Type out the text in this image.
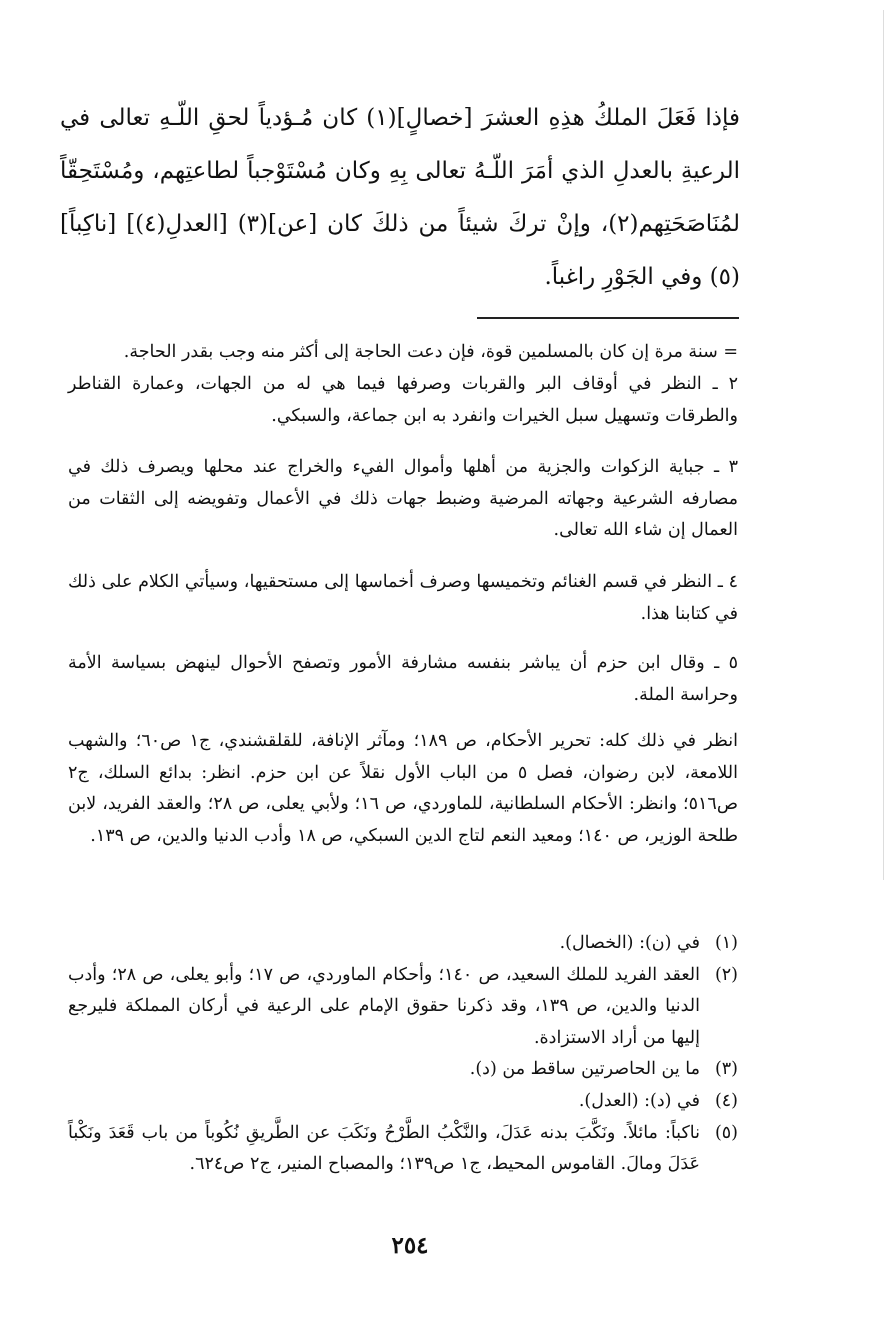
فإذا فَعَلَ الملكُ هذِهِ العشرَ [خصالٍ](١) كان مُـؤدياً لحقِ اللّـهِ تعالى في الرعيةِ بالعدلِ الذي أمَرَ اللّـهُ تعالى بِهِ وكان مُسْتَوْجباً لطاعتِهم، ومُسْتَحِقّاً لمُنَاصَحَتِهم(٢)، وإنْ تركَ شيئاً من ذلكَ كان [عن](٣) [العدلِ(٤)] [ناكِباً](٥) وفي الجَوْرِ راغباً.

= سنة مرة إن كان بالمسلمين قوة، فإن دعت الحاجة إلى أكثر منه وجب بقدر الحاجة.
٢ ـ النظر في أوقاف البر والقربات وصرفها فيما هي له من الجهات، وعمارة القناطر والطرقات وتسهيل سبل الخيرات وانفرد به ابن جماعة، والسبكي.
٣ ـ جباية الزكوات والجزية من أهلها وأموال الفيء والخراج عند محلها ويصرف ذلك في مصارفه الشرعية وجهاته المرضية وضبط جهات ذلك في الأعمال وتفويضه إلى الثقات من العمال إن شاء الله تعالى.
٤ ـ النظر في قسم الغنائم وتخميسها وصرف أخماسها إلى مستحقيها، وسيأتي الكلام على ذلك في كتابنا هذا.
٥ ـ وقال ابن حزم أن يباشر بنفسه مشارفة الأمور وتصفح الأحوال لينهض بسياسة الأمة وحراسة الملة.
انظر في ذلك كله: تحرير الأحكام، ص ١٨٩؛ ومآثر الإنافة، للقلقشندي، ج١ ص٦٠؛ والشهب اللامعة، لابن رضوان، فصل ٥ من الباب الأول نقلاً عن ابن حزم. انظر: بدائع السلك، ج٢ ص٥١٦؛ وانظر: الأحكام السلطانية، للماوردي، ص ١٦؛ ولأبي يعلى، ص ٢٨؛ والعقد الفريد، لابن طلحة الوزير، ص ١٤٠؛ ومعيد النعم لتاج الدين السبكي، ص ١٨ وأدب الدنيا والدين، ص ١٣٩.
(١)
في (ن): (الخصال).
(٢)
العقد الفريد للملك السعيد، ص ١٤٠؛ وأحكام الماوردي، ص ١٧؛ وأبو يعلى، ص ٢٨؛ وأدب الدنيا والدين، ص ١٣٩، وقد ذكرنا حقوق الإمام على الرعية في أركان المملكة فليرجع إليها من أراد الاستزادة.
(٣)
ما ين الحاصرتين ساقط من (د).
(٤)
في (د): (العدل).
(٥)
ناكباً: مائلاً. ونَكَّبَ بدنه عَدَلَ، والنَّكْبُ الطَّرْحُ ونَكَبَ عن الطَّريقِ نُكُوباً من باب قَعَدَ ونَكْباً عَدَلَ ومالَ. القاموس المحيط، ج١ ص١٣٩؛ والمصباح المنير، ج٢ ص٦٢٤.
٢٥٤
